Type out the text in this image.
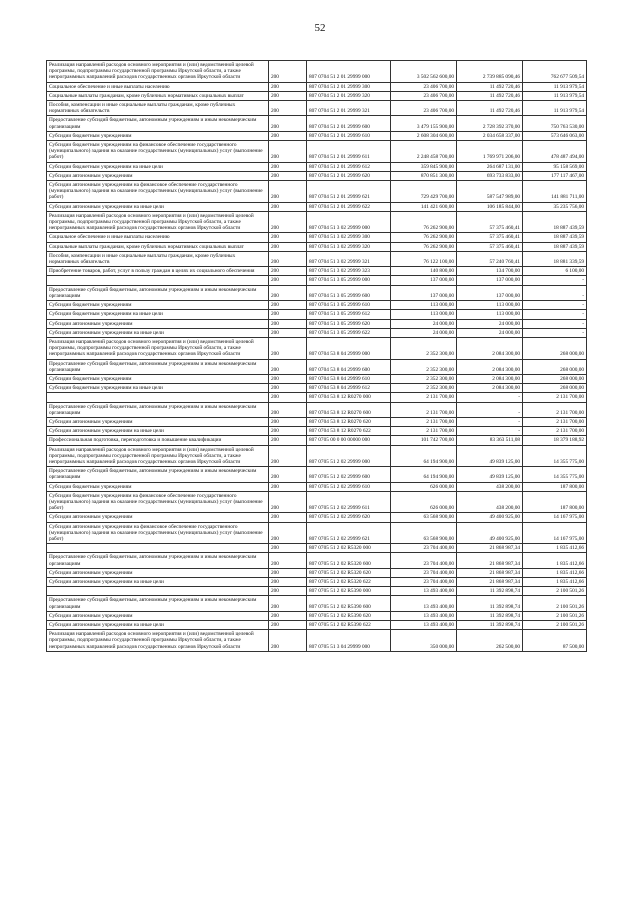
52
Реализация направлений расходов основного мероприятия и (или) ведомственной целевой программы, подпрограммы государственной программы Иркутской области, а также непрограммных направлений расходов государственных органов Иркутской области	200	807 0704 51 2 01 29999 000	3 502 562 600,00	2 739 885 090,46	762 677 509,54
Социальное обеспечение и иные выплаты населению	200	807 0704 51 2 01 29999 300	23 406 700,00	11 492 720,46	11 913 979,54
Социальные выплаты гражданам, кроме публичных нормативных социальных выплат	200	807 0704 51 2 01 29999 320	23 406 700,00	11 492 720,46	11 913 979,54
Пособия, компенсации и иные социальные выплаты гражданам, кроме публичных нормативных обязательств	200	807 0704 51 2 01 29999 321	23 406 700,00	11 492 720,46	11 913 979,54
Предоставление субсидий бюджетным, автономным учреждениям и иным некоммерческим организациям	200	807 0704 51 2 01 29999 600	3 479 155 900,00	2 728 392 370,00	750 763 530,00
Субсидии бюджетным учреждениям	200	807 0704 51 2 01 29999 610	2 608 304 600,00	2 034 658 337,00	573 646 063,00
Субсидии бюджетным учреждениям на финансовое обеспечение государственного (муниципального) задания на оказание государственных (муниципальных) услуг (выполнение работ)	200	807 0704 51 2 01 29999 611	2 248 458 700,00	1 769 971 206,00	478 487 494,00
Субсидии бюджетным учреждениям на иные цели	200	807 0704 51 2 01 29999 612	359 845 900,00	264 687 131,00	95 158 569,00
Субсидии автономным учреждениям	200	807 0704 51 2 01 29999 620	870 851 300,00	693 733 833,00	177 117 467,00
Субсидии автономным учреждениям на финансовое обеспечение государственного (муниципального) задания на оказание государственных (муниципальных) услуг (выполнение работ)	200	807 0704 51 2 01 29999 621	729 429 700,00	587 547 989,00	141 881 711,00
Субсидии автономным учреждениям на иные цели	200	807 0704 51 2 01 29999 622	141 421 600,00	106 185 844,00	35 235 756,00
Реализация направлений расходов основного мероприятия и (или) ведомственной целевой программы, подпрограммы государственной программы Иркутской области, а также непрограммных направлений расходов государственных органов Иркутской области	200	807 0704 51 3 02 29999 000	76 262 900,00	57 375 460,41	18 887 439,59
Социальное обеспечение и иные выплаты населению	200	807 0704 51 3 02 29999 300	76 262 900,00	57 375 460,41	18 887 439,59
Социальные выплаты гражданам, кроме публичных нормативных социальных выплат	200	807 0704 51 3 02 29999 320	76 262 900,00	57 375 460,41	18 887 439,59
Пособия, компенсации и иные социальные выплаты гражданам, кроме публичных нормативных обязательств	200	807 0704 51 3 02 29999 321	76 122 100,00	57 240 760,41	18 881 339,59
Приобретение товаров, работ, услуг в пользу граждан в целях их социального обеспечения	200	807 0704 51 3 02 29999 323	140 800,00	134 700,00	6 100,00
	200	807 0704 51 3 05 29999 000	137 000,00	137 000,00	-
Предоставление субсидий бюджетным, автономным учреждениям и иным некоммерческим организациям	200	807 0704 51 3 05 29999 600	137 000,00	137 000,00	-
Субсидии бюджетным учреждениям	200	807 0704 51 3 05 29999 610	113 000,00	113 000,00	-
Субсидии бюджетным учреждениям на иные цели	200	807 0704 51 3 05 29999 612	113 000,00	113 000,00	-
Субсидии автономным учреждениям	200	807 0704 51 3 05 29999 620	24 000,00	24 000,00	-
Субсидии автономным учреждениям на иные цели	200	807 0704 51 3 05 29999 622	24 000,00	24 000,00	-
Реализация направлений расходов основного мероприятия и (или) ведомственной целевой программы, подпрограммы государственной программы Иркутской области, а также непрограммных направлений расходов государственных органов Иркутской области	200	807 0704 53 8 04 29999 000	2 352 300,00	2 084 300,00	268 000,00
Предоставление субсидий бюджетным, автономным учреждениям и иным некоммерческим организациям	200	807 0704 53 8 04 29999 600	2 352 300,00	2 084 300,00	268 000,00
Субсидии бюджетным учреждениям	200	807 0704 53 8 04 29999 610	2 352 300,00	2 084 300,00	268 000,00
Субсидии бюджетным учреждениям на иные цели	200	807 0704 53 8 04 29999 612	2 352 300,00	2 084 300,00	268 000,00
	200	807 0704 53 8 12 R0270 000	2 131 700,00	-	2 131 700,00
Предоставление субсидий бюджетным, автономным учреждениям и иным некоммерческим организациям	200	807 0704 53 8 12 R0270 600	2 131 700,00	-	2 131 700,00
Субсидии автономным учреждениям	200	807 0704 53 8 12 R0270 620	2 131 700,00	-	2 131 700,00
Субсидии автономным учреждениям на иные цели	200	807 0704 53 8 12 R0270 622	2 131 700,00	-	2 131 700,00
Профессиональная подготовка, переподготовка и повышение квалификации	200	807 0705 00 0 00 00000 000	101 742 700,00	83 363 511,08	18 379 188,92
Реализация направлений расходов основного мероприятия и (или) ведомственной целевой программы, подпрограммы государственной программы Иркутской области, а также непрограммных направлений расходов государственных органов Иркутской области	200	807 0705 51 2 02 29999 000	64 194 900,00	49 839 125,00	14 355 775,00
Предоставление субсидий бюджетным, автономным учреждениям и иным некоммерческим организациям	200	807 0705 51 2 02 29999 600	64 194 900,00	49 839 125,00	14 355 775,00
Субсидии бюджетным учреждениям	200	807 0705 51 2 02 29999 610	626 000,00	438 200,00	187 800,00
Субсидии бюджетным учреждениям на финансовое обеспечение государственного (муниципального) задания на оказание государственных (муниципальных) услуг (выполнение работ)	200	807 0705 51 2 02 29999 611	626 000,00	438 200,00	187 800,00
Субсидии автономным учреждениям	200	807 0705 51 2 02 29999 620	63 568 900,00	49 400 925,00	14 167 975,00
Субсидии автономным учреждениям на финансовое обеспечение государственного (муниципального) задания на оказание государственных (муниципальных) услуг (выполнение работ)	200	807 0705 51 2 02 29999 621	63 568 900,00	49 400 925,00	14 167 975,00
	200	807 0705 51 2 02 R5320 000	23 704 400,00	21 868 987,34	1 835 412,66
Предоставление субсидий бюджетным, автономным учреждениям и иным некоммерческим организациям	200	807 0705 51 2 02 R5320 600	23 704 400,00	21 868 987,34	1 835 412,66
Субсидии автономным учреждениям	200	807 0705 51 2 02 R5320 620	23 704 400,00	21 868 987,34	1 835 412,66
Субсидии автономным учреждениям на иные цели	200	807 0705 51 2 02 R5320 622	23 704 400,00	21 868 987,34	1 835 412,66
	200	807 0705 51 2 02 R5390 000	13 493 400,00	11 392 898,74	2 100 501,26
Предоставление субсидий бюджетным, автономным учреждениям и иным некоммерческим организациям	200	807 0705 51 2 02 R5390 600	13 493 400,00	11 392 898,74	2 100 501,26
Субсидии автономным учреждениям	200	807 0705 51 2 02 R5390 620	13 493 400,00	11 392 898,74	2 100 501,26
Субсидии автономным учреждениям на иные цели	200	807 0705 51 2 02 R5390 622	13 493 400,00	11 392 898,74	2 100 501,26
Реализация направлений расходов основного мероприятия и (или) ведомственной целевой программы, подпрограммы государственной программы Иркутской области, а также непрограммных направлений расходов государственных органов Иркутской области	200	807 0705 51 3 04 29999 000	350 000,00	262 500,00	87 500,00
